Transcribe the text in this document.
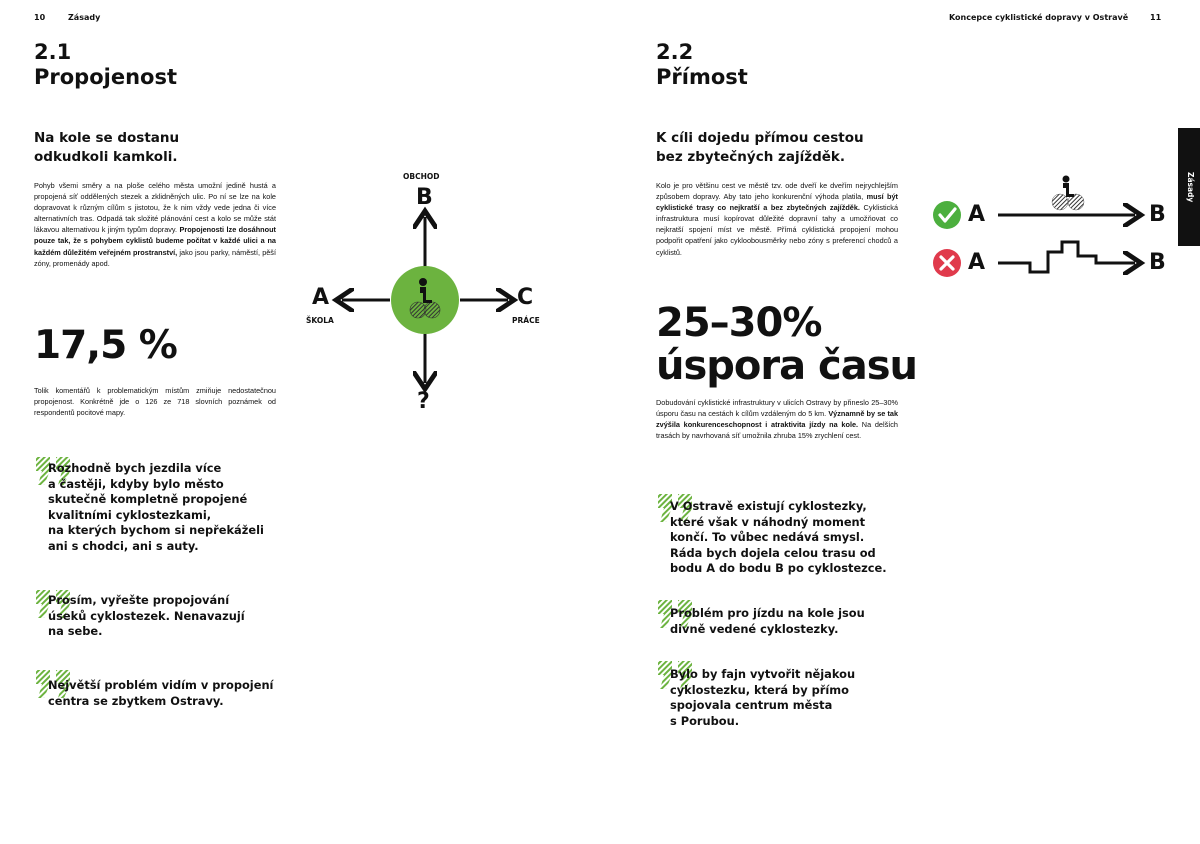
10	Zásady
2.1
Propojenost
Na kole se dostanu
odkudkoli kamkoli.
Pohyb všemi směry a na ploše celého města umožní jedině hustá a propojená síť oddělených stezek a zklidněných ulic. Po ní se lze na kole dopravovat k různým cílům s jistotou, že k nim vždy vede jedna či více alternativních tras. Odpadá tak složité plánování cest a kolo se může stát lákavou alternativou k jiným typům dopravy. Propojenosti lze dosáhnout pouze tak, že s pohybem cyklistů budeme počítat v každé ulici a na každém důležitém veřejném prostranství, jako jsou parky, náměstí, pěší zóny, promenády apod.
17,5 %
Tolik komentářů k problematickým místům zmiňuje nedostatečnou propojenost. Konkrétně jde o 126 ze 718 slovních poznámek od respondentů pocitové mapy.
Rozhodně bych jezdila více
a častěji, kdyby bylo město
skutečně kompletně propojené
kvalitními cyklostezkami,
na kterých bychom si nepřekáželi
ani s chodci, ani s auty.
Prosím, vyřešte propojování
úseků cyklostezek. Nenavazují
na sebe.
Největší problém vidím v propojení
centra se zbytkem Ostravy.
OBCHOD
B
A
ŠKOLA
C
PRÁCE
?
Koncepce cyklistické dopravy v Ostravě	11
Zásady
2.2
Přímost
K cíli dojedu přímou cestou
bez zbytečných zajížděk.
Kolo je pro většinu cest ve městě tzv. ode dveří ke dveřím nejrychlejším způsobem dopravy. Aby tato jeho konkurenční výhoda platila, musí být cyklistické trasy co nejkratší a bez zbytečných zajížděk. Cyklistická infrastruktura musí kopírovat důležité dopravní tahy a umožňovat co nejkratší spojení míst ve městě. Přímá cyklistická propojení mohou podpořit opatření jako cykloobousměrky nebo zóny s preferencí chodců a cyklistů.
25–30%
úspora času
Dobudování cyklistické infrastruktury v ulicích Ostravy by přineslo 25–30% úsporu času na cestách k cílům vzdáleným do 5 km. Významně by se tak zvýšila konkurenceschopnost i atraktivita jízdy na kole. Na delších trasách by navrhovaná síť umožnila zhruba 15% zrychlení cest.
V Ostravě existují cyklostezky,
které však v náhodný moment
končí. To vůbec nedává smysl.
Ráda bych dojela celou trasu od
bodu A do bodu B po cyklostezce.
Problém pro jízdu na kole jsou
divně vedené cyklostezky.
Bylo by fajn vytvořit nějakou
cyklostezku, která by přímo
spojovala centrum města
s Porubou.
A	B
A	B
